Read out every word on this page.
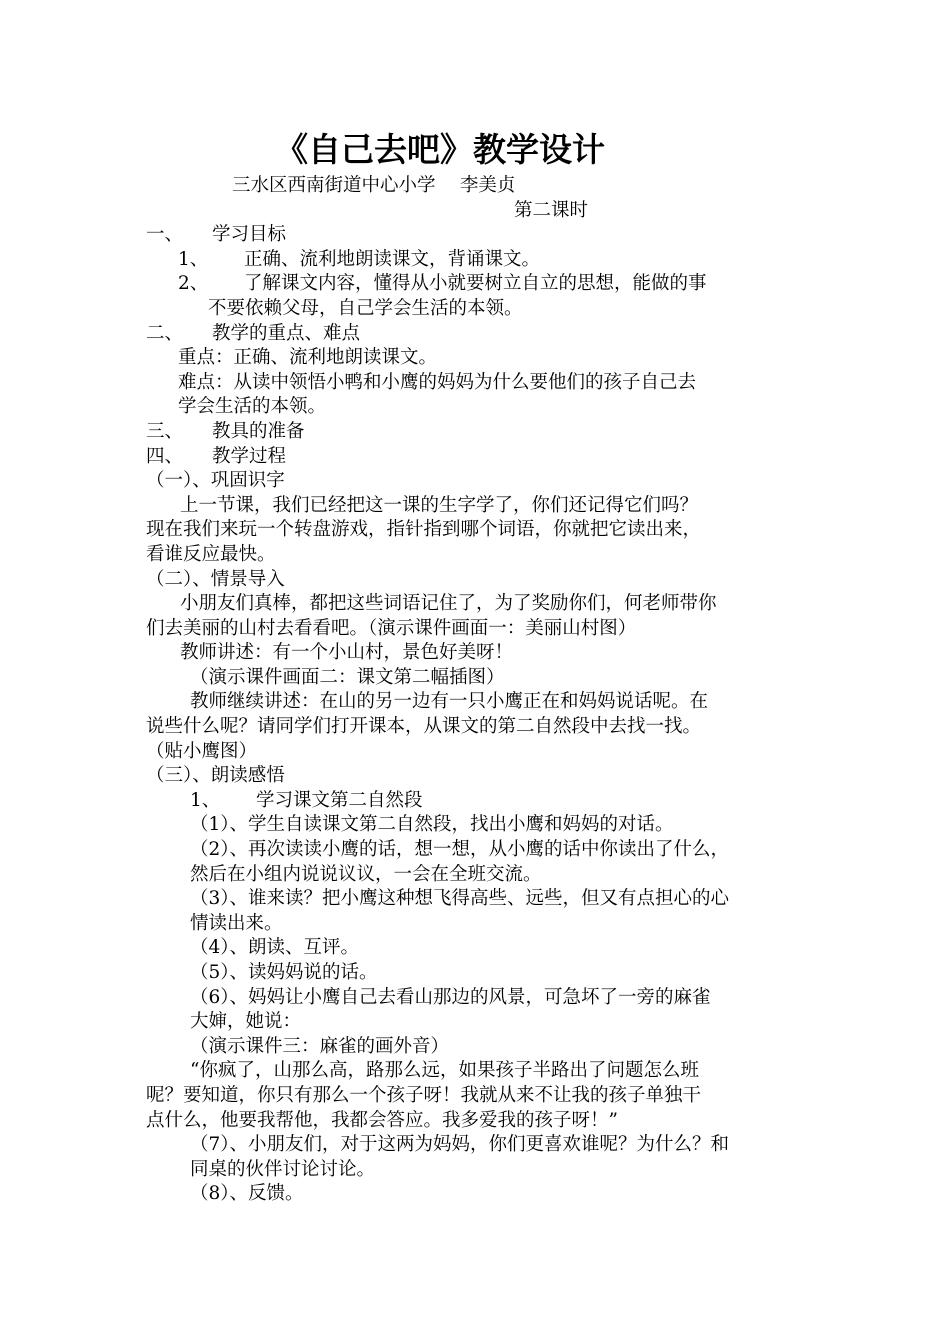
《自己去吧》教学设计
三水区西南街道中心小学　 李美贞
第二课时
一、 学习目标
1、 正确、流利地朗读课文，背诵课文。
2、 了解课文内容，懂得从小就要树立自立的思想，能做的事
不要依赖父母，自己学会生活的本领。
二、 教学的重点、难点
重点：正确、流利地朗读课文。
难点：从读中领悟小鸭和小鹰的妈妈为什么要他们的孩子自己去
学会生活的本领。
三、 教具的准备
四、 教学过程
（一）、巩固识字
上一节课，我们已经把这一课的生字学了，你们还记得它们吗？
现在我们来玩一个转盘游戏，指针指到哪个词语，你就把它读出来，
看谁反应最快。
（二）、情景导入
小朋友们真棒，都把这些词语记住了，为了奖励你们，何老师带你
们去美丽的山村去看看吧。（演示课件画面一：美丽山村图）
教师讲述：有一个小山村，景色好美呀！
（演示课件画面二：课文第二幅插图）
教师继续讲述：在山的另一边有一只小鹰正在和妈妈说话呢。在
说些什么呢？请同学们打开课本，从课文的第二自然段中去找一找。
（贴小鹰图）
（三）、朗读感悟
1、 学习课文第二自然段
（1）、学生自读课文第二自然段，找出小鹰和妈妈的对话。
（2）、再次读读小鹰的话，想一想，从小鹰的话中你读出了什么，
然后在小组内说说议议，一会在全班交流。
（3）、谁来读？把小鹰这种想飞得高些、远些，但又有点担心的心
情读出来。
（4）、朗读、互评。
（5）、读妈妈说的话。
（6）、妈妈让小鹰自己去看山那边的风景，可急坏了一旁的麻雀
大婶，她说：
（演示课件三：麻雀的画外音）
“你疯了，山那么高，路那么远，如果孩子半路出了问题怎么班
呢？要知道，你只有那么一个孩子呀！我就从来不让我的孩子单独干
点什么，他要我帮他，我都会答应。我多爱我的孩子呀！”
（7）、小朋友们，对于这两为妈妈，你们更喜欢谁呢？为什么？和
同桌的伙伴讨论讨论。
（8）、反馈。
